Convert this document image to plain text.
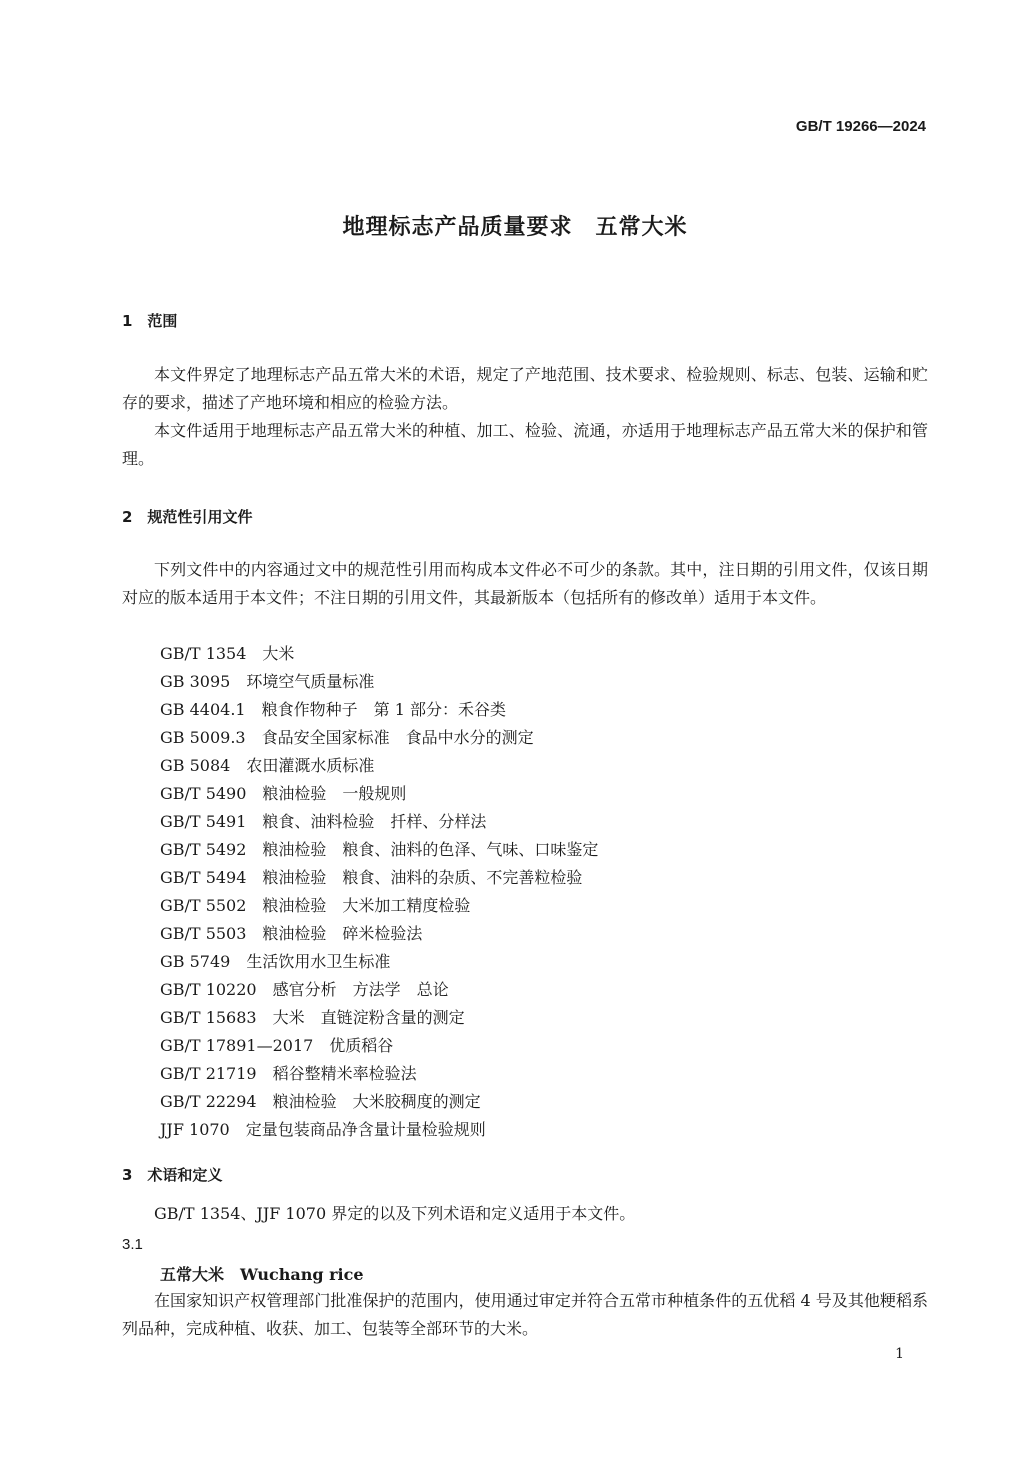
GB/T 19266—2024
地理标志产品质量要求　五常大米
1　范围
本文件界定了地理标志产品五常大米的术语，规定了产地范围、技术要求、检验规则、标志、包装、运输和贮存的要求，描述了产地环境和相应的检验方法。
本文件适用于地理标志产品五常大米的种植、加工、检验、流通，亦适用于地理标志产品五常大米的保护和管理。
2　规范性引用文件
下列文件中的内容通过文中的规范性引用而构成本文件必不可少的条款。其中，注日期的引用文件，仅该日期对应的版本适用于本文件；不注日期的引用文件，其最新版本（包括所有的修改单）适用于本文件。
GB/T 1354　大米
GB 3095　环境空气质量标准
GB 4404.1　粮食作物种子　第 1 部分：禾谷类
GB 5009.3　食品安全国家标准　食品中水分的测定
GB 5084　农田灌溉水质标准
GB/T 5490　粮油检验　一般规则
GB/T 5491　粮食、油料检验　扦样、分样法
GB/T 5492　粮油检验　粮食、油料的色泽、气味、口味鉴定
GB/T 5494　粮油检验　粮食、油料的杂质、不完善粒检验
GB/T 5502　粮油检验　大米加工精度检验
GB/T 5503　粮油检验　碎米检验法
GB 5749　生活饮用水卫生标准
GB/T 10220　感官分析　方法学　总论
GB/T 15683　大米　直链淀粉含量的测定
GB/T 17891—2017　优质稻谷
GB/T 21719　稻谷整精米率检验法
GB/T 22294　粮油检验　大米胶稠度的测定
JJF 1070　定量包装商品净含量计量检验规则
3　术语和定义
GB/T 1354、JJF 1070 界定的以及下列术语和定义适用于本文件。
3.1
五常大米　Wuchang rice
在国家知识产权管理部门批准保护的范围内，使用通过审定并符合五常市种植条件的五优稻 4 号及其他粳稻系列品种，完成种植、收获、加工、包装等全部环节的大米。
1
